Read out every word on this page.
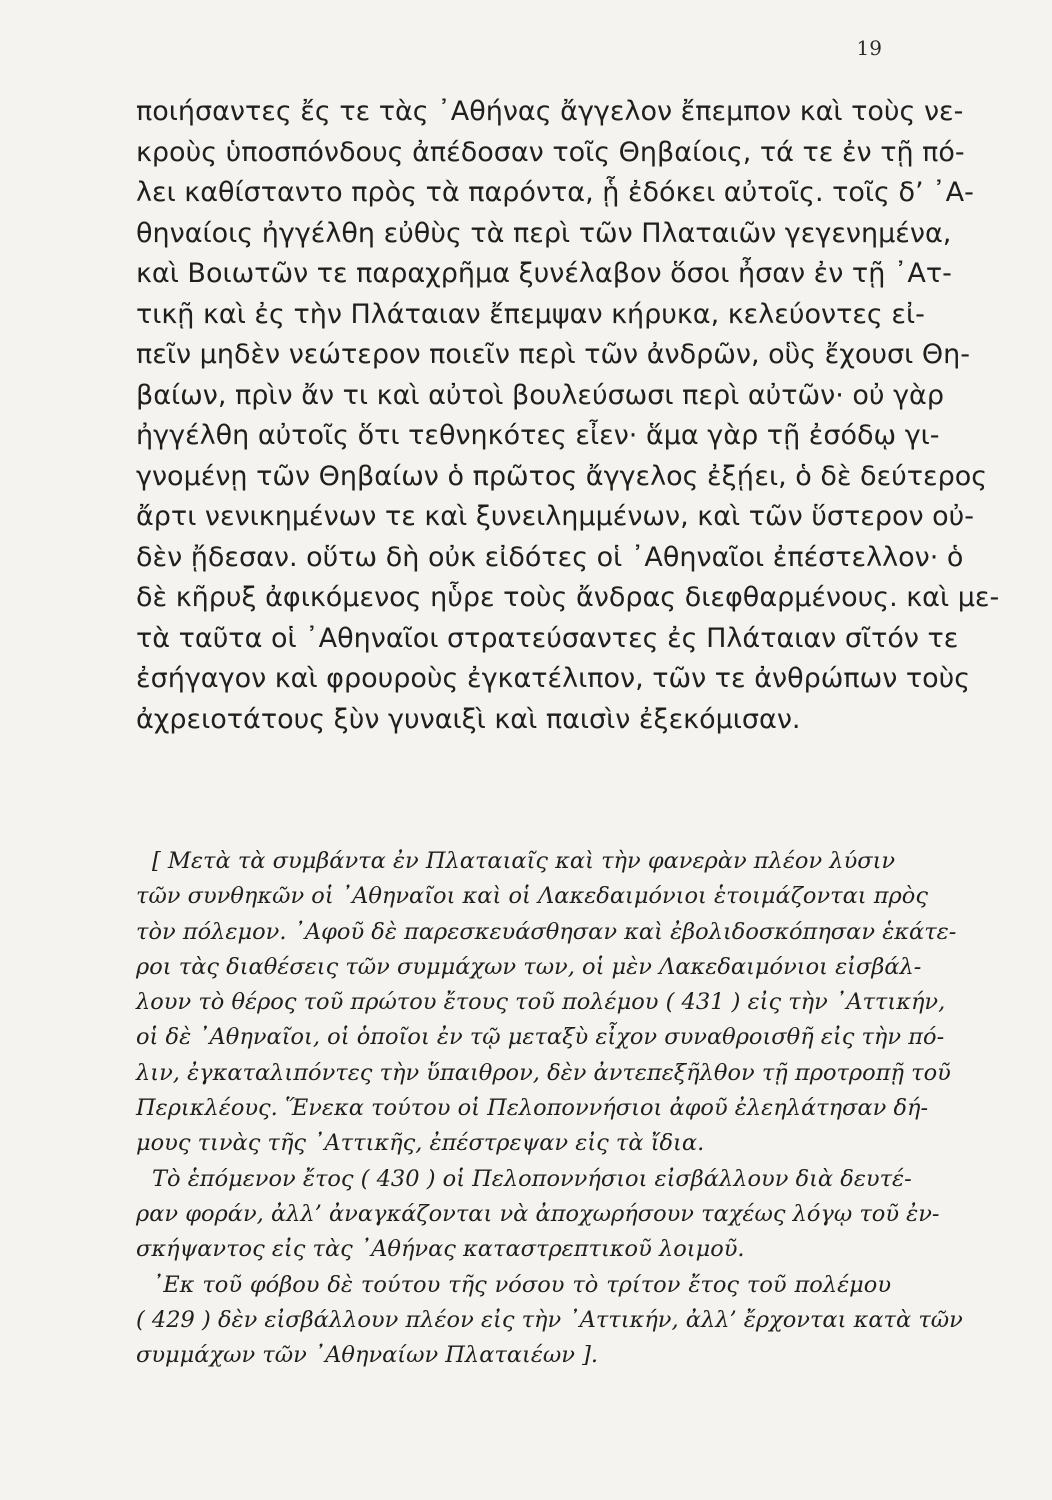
19
ποιήσαντες ἔς τε τὰς ᾿Αθήνας ἄγγελον ἔπεμπον καὶ τοὺς νε-
κροὺς ὑποσπόνδους ἀπέδοσαν τοῖς Θηβαίοις, τά τε ἐν τῇ πό-
λει καθίσταντο πρὸς τὰ παρόντα, ᾗ ἐδόκει αὐτοῖς. τοῖς δ’ ᾿Α-
θηναίοις ἠγγέλθη εὐθὺς τὰ περὶ τῶν Πλαταιῶν γεγενημένα,
καὶ Βοιωτῶν τε παραχρῆμα ξυνέλαβον ὅσοι ἦσαν ἐν τῇ ᾿Ατ-
τικῇ καὶ ἐς τὴν Πλάταιαν ἔπεμψαν κήρυκα, κελεύοντες εἰ-
πεῖν μηδὲν νεώτερον ποιεῖν περὶ τῶν ἀνδρῶν, οὓς ἔχουσι Θη-
βαίων, πρὶν ἄν τι καὶ αὐτοὶ βουλεύσωσι περὶ αὐτῶν· οὐ γὰρ
ἠγγέλθη αὐτοῖς ὅτι τεθνηκότες εἶεν· ἅμα γὰρ τῇ ἐσόδῳ γι-
γνομένῃ τῶν Θηβαίων ὁ πρῶτος ἄγγελος ἐξῄει, ὁ δὲ δεύτερος
ἄρτι νενικημένων τε καὶ ξυνειλημμένων, καὶ τῶν ὕστερον οὐ-
δὲν ᾔδεσαν. οὕτω δὴ οὐκ εἰδότες οἱ ᾿Αθηναῖοι ἐπέστελλον· ὁ
δὲ κῆρυξ ἀφικόμενος ηὗρε τοὺς ἄνδρας διεφθαρμένους. καὶ με-
τὰ ταῦτα οἱ ᾿Αθηναῖοι στρατεύσαντες ἐς Πλάταιαν σῖτόν τε
ἐσήγαγον καὶ φρουροὺς ἐγκατέλιπον, τῶν τε ἀνθρώπων τοὺς
ἀχρειοτάτους ξὺν γυναιξὶ καὶ παισὶν ἐξεκόμισαν.
[ Μετὰ τὰ συμβάντα ἐν Πλαταιαῖς καὶ τὴν φανερὰν πλέον λύσιν
τῶν συνθηκῶν οἱ ᾿Αθηναῖοι καὶ οἱ Λακεδαιμόνιοι ἑτοιμάζονται πρὸς
τὸν πόλεμον. ᾿Αφοῦ δὲ παρεσκευάσθησαν καὶ ἐβολιδοσκόπησαν ἑκάτε-
ροι τὰς διαθέσεις τῶν συμμάχων των, οἱ μὲν Λακεδαιμόνιοι εἰσβάλ-
λουν τὸ θέρος τοῦ πρώτου ἔτους τοῦ πολέμου ( 431 ) εἰς τὴν ᾿Αττικήν,
οἱ δὲ ᾿Αθηναῖοι, οἱ ὁποῖοι ἐν τῷ μεταξὺ εἶχον συναθροισθῆ εἰς τὴν πό-
λιν, ἐγκαταλιπόντες τὴν ὕπαιθρον, δὲν ἀντεπεξῆλθον τῇ προτροπῇ τοῦ
Περικλέους. Ἕνεκα τούτου οἱ Πελοποννήσιοι ἀφοῦ ἐλεηλάτησαν δή-
μους τινὰς τῆς ᾿Αττικῆς, ἐπέστρεψαν εἰς τὰ ἴδια.
Τὸ ἑπόμενον ἔτος ( 430 ) οἱ Πελοποννήσιοι εἰσβάλλουν διὰ δευτέ-
ραν φοράν, ἀλλ’ ἀναγκάζονται νὰ ἀποχωρήσουν ταχέως λόγῳ τοῦ ἐν-
σκήψαντος εἰς τὰς ᾿Αθήνας καταστρεπτικοῦ λοιμοῦ.
᾿Εκ τοῦ φόβου δὲ τούτου τῆς νόσου τὸ τρίτον ἔτος τοῦ πολέμου
( 429 ) δὲν εἰσβάλλουν πλέον εἰς τὴν ᾿Αττικήν, ἀλλ’ ἔρχονται κατὰ τῶν
συμμάχων τῶν ᾿Αθηναίων Πλαταιέων ].
